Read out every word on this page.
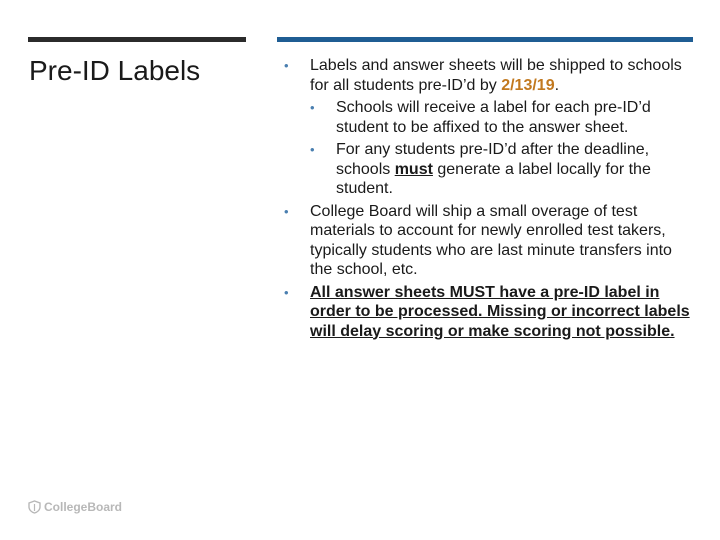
Pre-ID Labels	• Labels and answer sheets will be shipped to schools for all students pre-ID’d by 2/13/19.
• Schools will receive a label for each pre-ID’d student to be affixed to the answer sheet.
• For any students pre-ID’d after the deadline, schools must generate a label locally for the student.
• College Board will ship a small overage of test materials to account for newly enrolled test takers, typically students who are last minute transfers into the school, etc.
• All answer sheets MUST have a pre-ID label in order to be processed. Missing or incorrect labels will delay scoring or make scoring not possible.
CollegeBoard
